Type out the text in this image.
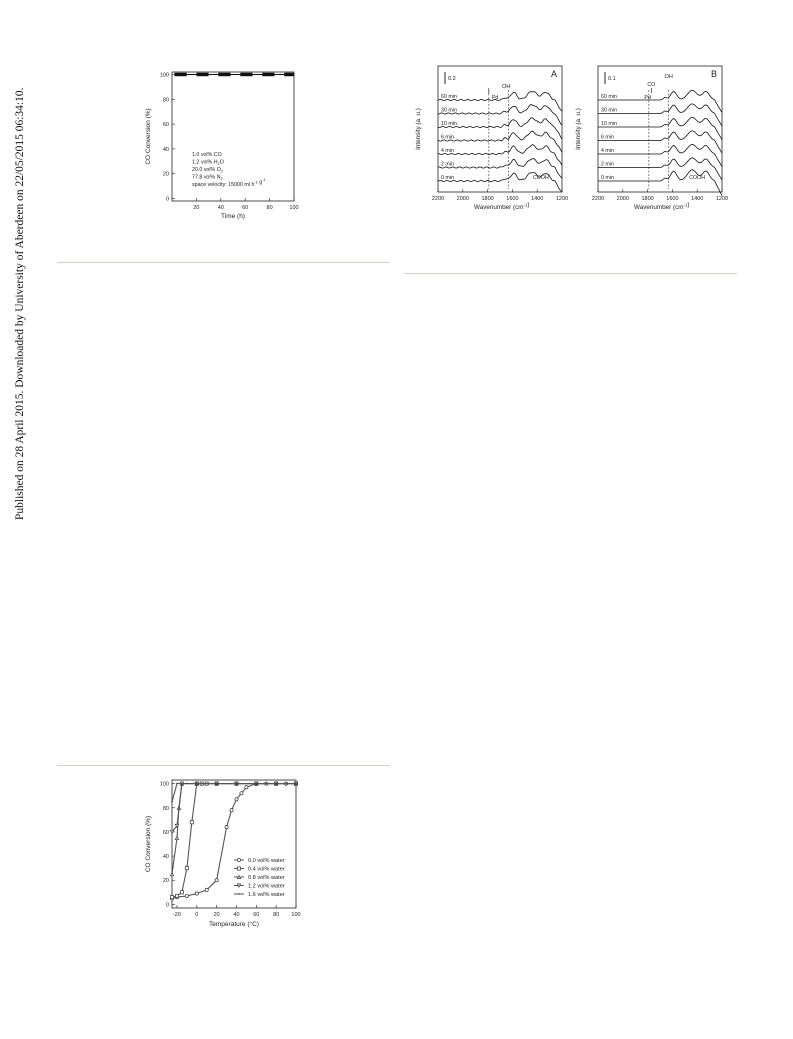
Published on 28 April 2015. Downloaded by University of Aberdeen on 22/05/2015 06:34:10.	0
20
40
60
80
100
20	40	60	80	100
Time (h)
CO Conversion (%)	1.0 vol% CO
1.2 vol% $H_2O$
20.0 vol% $O_2$
77.8 vol% $N_2$
space velocity: 15000 ml $h^{-1}$ $g^{-1}$
2200 2000 1800 1600 1400 1200
Wavenumber $(cm^{-1})$
Intensity (a. u.)
A
0.2
60 min
30 min
10 min
6 min
4 min
2 min
0 min
Pd
OH
COOH
2200 2000 1800 1600 1400 1200
Wavenumber $(cm^{-1})$
Intensity (a. u.)
B
0.1
60 min
30 min
10 min
6 min
4 min
2 min
0 min
CO
Pd
OH
COOH
0
20
40
60
80
100
-20	0	20 40 60 80 100
Temperature (°C)
CO Conversion (%)
+
+ + +	+	+	+	+	+
0.0 vol% water
0.4 vol% water
0.8 vol% water
1.2 vol% water
+ 1.6 vol% water
